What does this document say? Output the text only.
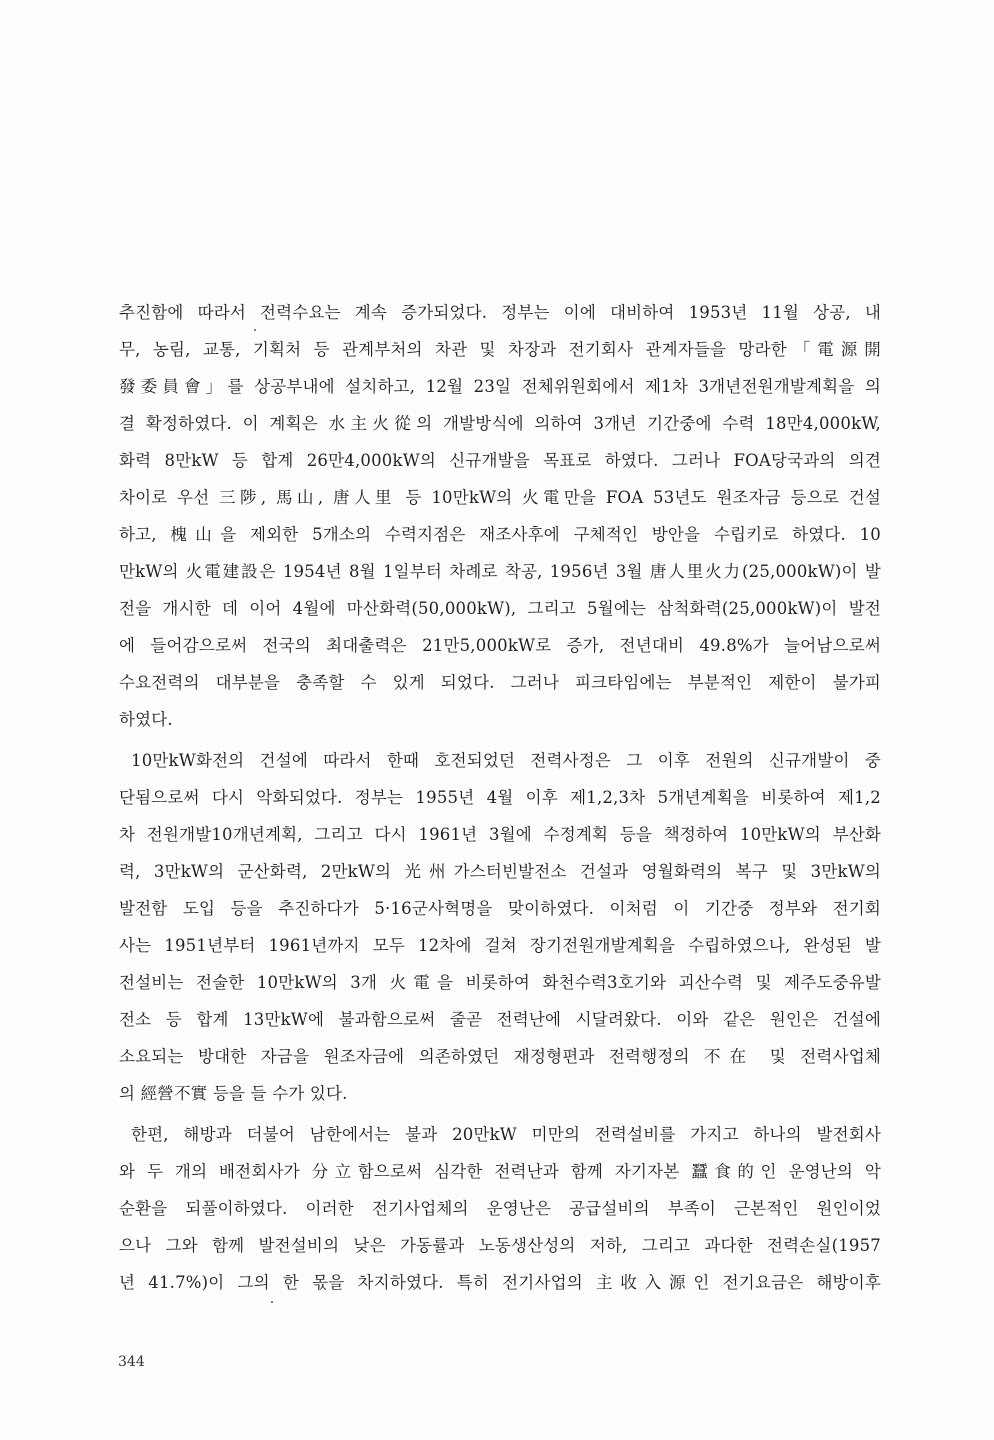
추진함에 따라서 전력수요는 계속 증가되었다. 정부는 이에 대비하여 1953년 11월 상공, 내
무, 농림, 교통, 기획처 등 관계부처의 차관 및 차장과 전기회사 관계자들을 망라한「電源開
發委員會」를 상공부내에 설치하고, 12월 23일 전체위원회에서 제1차 3개년전원개발계획을 의
결 확정하였다. 이 계획은 水主火從의 개발방식에 의하여 3개년 기간중에 수력 18만4,000kW,
화력 8만kW 등 합계 26만4,000kW의 신규개발을 목표로 하였다. 그러나 FOA당국과의 의견
차이로 우선 三陟, 馬山, 唐人里 등 10만kW의 火電만을 FOA 53년도 원조자금 등으로 건설
하고, 槐山을 제외한 5개소의 수력지점은 재조사후에 구체적인 방안을 수립키로 하였다. 10
만kW의 火電建設은 1954년 8월 1일부터 차례로 착공, 1956년 3월 唐人里火力(25,000kW)이 발
전을 개시한 데 이어 4월에 마산화력(50,000kW), 그리고 5월에는 삼척화력(25,000kW)이 발전
에 들어감으로써 전국의 최대출력은 21만5,000kW로 증가, 전년대비 49.8%가 늘어남으로써
수요전력의 대부분을 충족할 수 있게 되었다. 그러나 피크타임에는 부분적인 제한이 불가피
하였다.
10만kW화전의 건설에 따라서 한때 호전되었던 전력사정은 그 이후 전원의 신규개발이 중
단됨으로써 다시 악화되었다. 정부는 1955년 4월 이후 제1,2,3차 5개년계획을 비롯하여 제1,2
차 전원개발10개년계획, 그리고 다시 1961년 3월에 수정계획 등을 책정하여 10만kW의 부산화
력, 3만kW의 군산화력, 2만kW의 光州가스터빈발전소 건설과 영월화력의 복구 및 3만kW의
발전함 도입 등을 추진하다가 5·16군사혁명을 맞이하였다. 이처럼 이 기간중 정부와 전기회
사는 1951년부터 1961년까지 모두 12차에 걸쳐 장기전원개발계획을 수립하였으나, 완성된 발
전설비는 전술한 10만kW의 3개 火電을 비롯하여 화천수력3호기와 괴산수력 및 제주도중유발
전소 등 합계 13만kW에 불과함으로써 줄곧 전력난에 시달려왔다. 이와 같은 원인은 건설에
소요되는 방대한 자금을 원조자금에 의존하였던 재정형편과 전력행정의 不在 및 전력사업체
의 經營不實 등을 들 수가 있다.
한편, 해방과 더불어 남한에서는 불과 20만kW 미만의 전력설비를 가지고 하나의 발전회사
와 두 개의 배전회사가 分立함으로써 심각한 전력난과 함께 자기자본 蠶食的인 운영난의 악
순환을 되풀이하였다. 이러한 전기사업체의 운영난은 공급설비의 부족이 근본적인 원인이었
으나 그와 함께 발전설비의 낮은 가동률과 노동생산성의 저하, 그리고 과다한 전력손실(1957
년 41.7%)이 그의 한 몫을 차지하였다. 특히 전기사업의 主收入源인 전기요금은 해방이후
344
